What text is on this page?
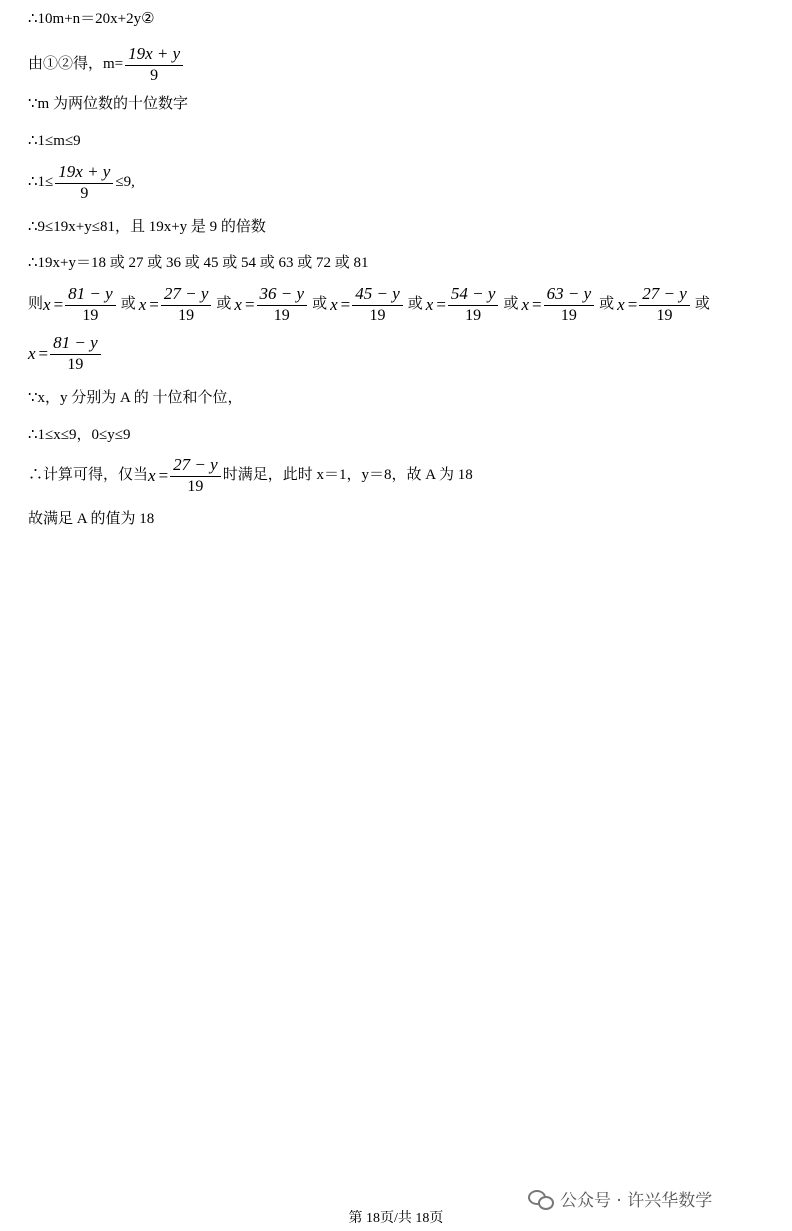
∴10m+n＝20x+2y②
由①②得，$m= \frac{19x + y}{9}$
∵m 为两位数的十位数字
∴1≤m≤9
∴1≤ $\frac{19x + y}{9} \le 9$,
∴9≤19x+y≤81，且 19x+y 是 9 的倍数
∴19x+y＝18 或 27 或 36 或 45 或 54 或 63 或 72 或 81
则 $x = \frac{81 - y}{19}$ 或 $x = \frac{27 - y}{19}$ 或 $x = \frac{36 - y}{19}$ 或 $x = \frac{45 - y}{19}$ 或 $x = \frac{54 - y}{19}$ 或 $x = \frac{63 - y}{19}$ 或 $x = \frac{27 - y}{19}$ 或
$x = \frac{81 - y}{19}$
∵x，y 分别为 A 的 十位和个位，
∴1≤x≤9，0≤y≤9
∴计算可得，仅当 $x = \frac{27 - y}{19}$ 时满足，此时 x＝1，y＝8，故 A 为 18
故满足 A 的值为 18
公众号 · 许兴华数学
第 18页/共 18页
